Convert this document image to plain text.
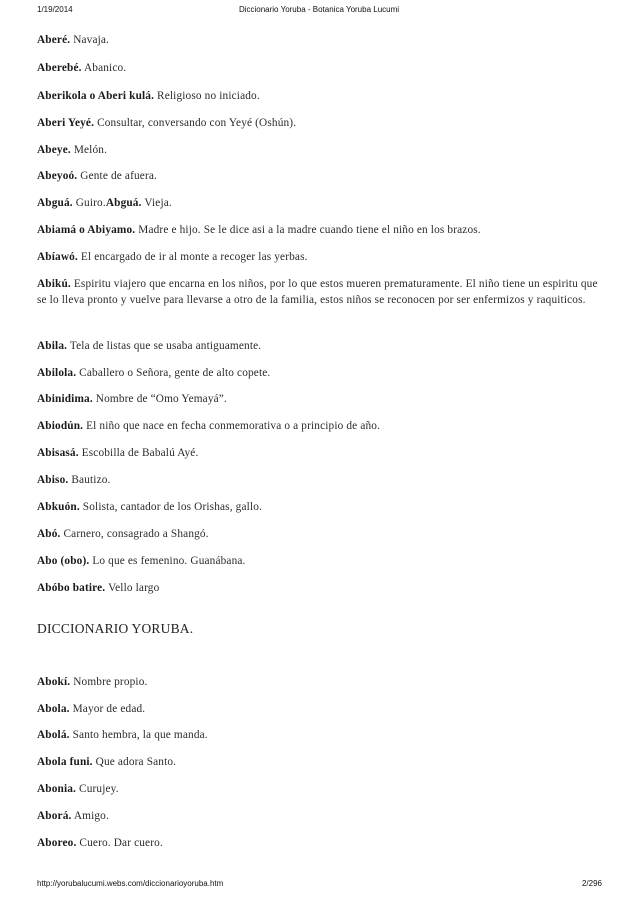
1/19/2014	Diccionario Yoruba - Botanica Yoruba Lucumi
Aberé. Navaja.
Aberebé. Abanico.
Aberikola o Aberi kulá. Religioso no iniciado.
Aberi Yeyé. Consultar, conversando con Yeyé (Oshún).
Abeye. Melón.
Abeyoó. Gente de afuera.
Abguá. Guiro.Abguá. Vieja.
Abiamá o Abiyamo. Madre e hijo. Se le dice asi a la madre cuando tiene el niño en los brazos.
Abíawó. El encargado de ir al monte a recoger las yerbas.
Abikú. Espiritu viajero que encarna en los niños, por lo que estos mueren prematuramente. El niño tiene un espiritu que se lo lleva pronto y vuelve para llevarse a otro de la familia, estos niños se reconocen por ser enfermizos y raquiticos.
Abila. Tela de listas que se usaba antiguamente.
Abilola. Caballero o Señora, gente de alto copete.
Abinidima. Nombre de “Omo Yemayá”.
Abiodún. El niño que nace en fecha conmemorativa o a principio de año.
Abisasá. Escobilla de Babalú Ayé.
Abiso. Bautizo.
Abkuón. Solista, cantador de los Orishas, gallo.
Abó. Carnero, consagrado a Shangó.
Abo (obo). Lo que es femenino. Guanábana.
Abóbo batire. Vello largo
DICCIONARIO YORUBA.
Abokí. Nombre propio.
Abola. Mayor de edad.
Abolá. Santo hembra, la que manda.
Abola funi. Que adora Santo.
Abonia. Curujey.
Aborá. Amigo.
Aboreo. Cuero. Dar cuero.
http://yorubalucumi.webs.com/diccionarioyoruba.htm	2/296
